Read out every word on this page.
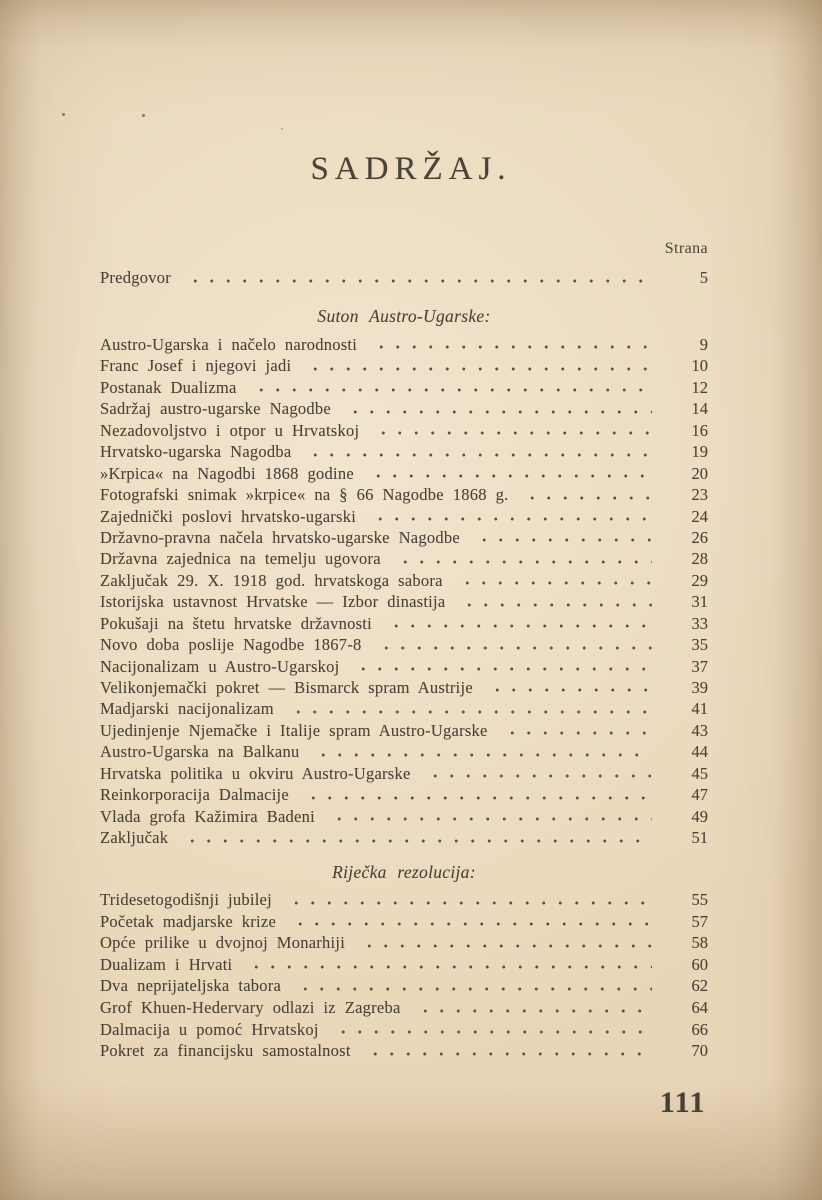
SADRŽAJ.
Strana
Predgovor	5
Suton Austro-Ugarske:
Austro-Ugarska i načelo narodnosti	9
Franc Josef i njegovi jadi	10
Postanak Dualizma	12
Sadržaj austro-ugarske Nagodbe	14
Nezadovoljstvo i otpor u Hrvatskoj	16
Hrvatsko-ugarska Nagodba	19
»Krpica« na Nagodbi 1868 godine	20
Fotografski snimak »krpice« na § 66 Nagodbe 1868 g.	23
Zajednički poslovi hrvatsko-ugarski	24
Državno-pravna načela hrvatsko-ugarske Nagodbe	26
Državna zajednica na temelju ugovora	28
Zaključak 29. X. 1918 god. hrvatskoga sabora	29
Istorijska ustavnost Hrvatske — Izbor dinastija	31
Pokušaji na štetu hrvatske državnosti	33
Novo doba poslije Nagodbe 1867-8	35
Nacijonalizam u Austro-Ugarskoj	37
Velikonjemački pokret — Bismarck spram Austrije	39
Madjarski nacijonalizam	41
Ujedinjenje Njemačke i Italije spram Austro-Ugarske	43
Austro-Ugarska na Balkanu	44
Hrvatska politika u okviru Austro-Ugarske	45
Reinkorporacija Dalmacije	47
Vlada grofa Kažimira Badeni	49
Zaključak	51
Riječka rezolucija:
Tridesetogodišnji jubilej	55
Početak madjarske krize	57
Opće prilike u dvojnoj Monarhiji	58
Dualizam i Hrvati	60
Dva neprijateljska tabora	62
Grof Khuen-Hedervary odlazi iz Zagreba	64
Dalmacija u pomoć Hrvatskoj	66
Pokret za financijsku samostalnost	70
111
